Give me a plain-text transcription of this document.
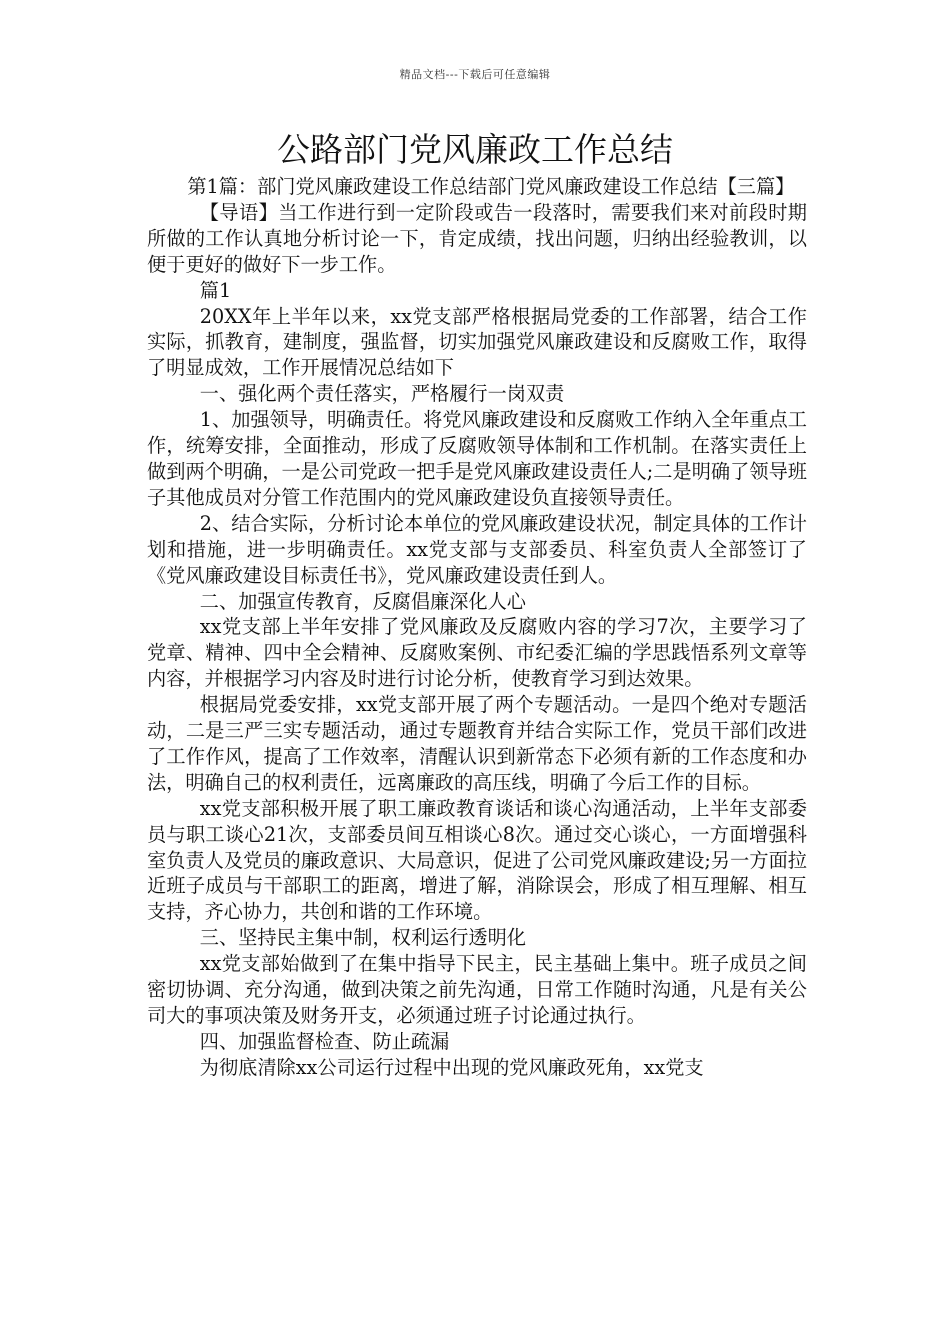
精品文档---下载后可任意编辑
公路部门党风廉政工作总结

第1篇：部门党风廉政建设工作总结部门党风廉政建设工作总结【三篇】

【导语】当工作进行到一定阶段或告一段落时，需要我们来对前段时期所做的工作认真地分析讨论一下，肯定成绩，找出问题，归纳出经验教训，以便于更好的做好下一步工作。

篇1

20XX年上半年以来，xx党支部严格根据局党委的工作部署，结合工作实际，抓教育，建制度，强监督，切实加强党风廉政建设和反腐败工作，取得了明显成效，工作开展情况总结如下

一、强化两个责任落实，严格履行一岗双责

1、加强领导，明确责任。将党风廉政建设和反腐败工作纳入全年重点工作，统筹安排，全面推动，形成了反腐败领导体制和工作机制。在落实责任上做到两个明确，一是公司党政一把手是党风廉政建设责任人;二是明确了领导班子其他成员对分管工作范围内的党风廉政建设负直接领导责任。

2、结合实际，分析讨论本单位的党风廉政建设状况，制定具体的工作计划和措施，进一步明确责任。xx党支部与支部委员、科室负责人全部签订了《党风廉政建设目标责任书》，党风廉政建设责任到人。

二、加强宣传教育，反腐倡廉深化人心

xx党支部上半年安排了党风廉政及反腐败内容的学习7次，主要学习了党章、精神、四中全会精神、反腐败案例、市纪委汇编的学思践悟系列文章等内容，并根据学习内容及时进行讨论分析，使教育学习到达效果。

根据局党委安排，xx党支部开展了两个专题活动。一是四个绝对专题活动，二是三严三实专题活动，通过专题教育并结合实际工作，党员干部们改进了工作作风，提高了工作效率，清醒认识到新常态下必须有新的工作态度和办法，明确自己的权利责任，远离廉政的高压线，明确了今后工作的目标。

xx党支部积极开展了职工廉政教育谈话和谈心沟通活动，上半年支部委员与职工谈心21次，支部委员间互相谈心8次。通过交心谈心，一方面增强科室负责人及党员的廉政意识、大局意识，促进了公司党风廉政建设;另一方面拉近班子成员与干部职工的距离，增进了解，消除误会，形成了相互理解、相互支持，齐心协力，共创和谐的工作环境。

三、坚持民主集中制，权利运行透明化

xx党支部始做到了在集中指导下民主，民主基础上集中。班子成员之间密切协调、充分沟通，做到决策之前先沟通，日常工作随时沟通，凡是有关公司大的事项决策及财务开支，必须通过班子讨论通过执行。

四、加强监督检查、防止疏漏

为彻底清除xx公司运行过程中出现的党风廉政死角，xx党支
